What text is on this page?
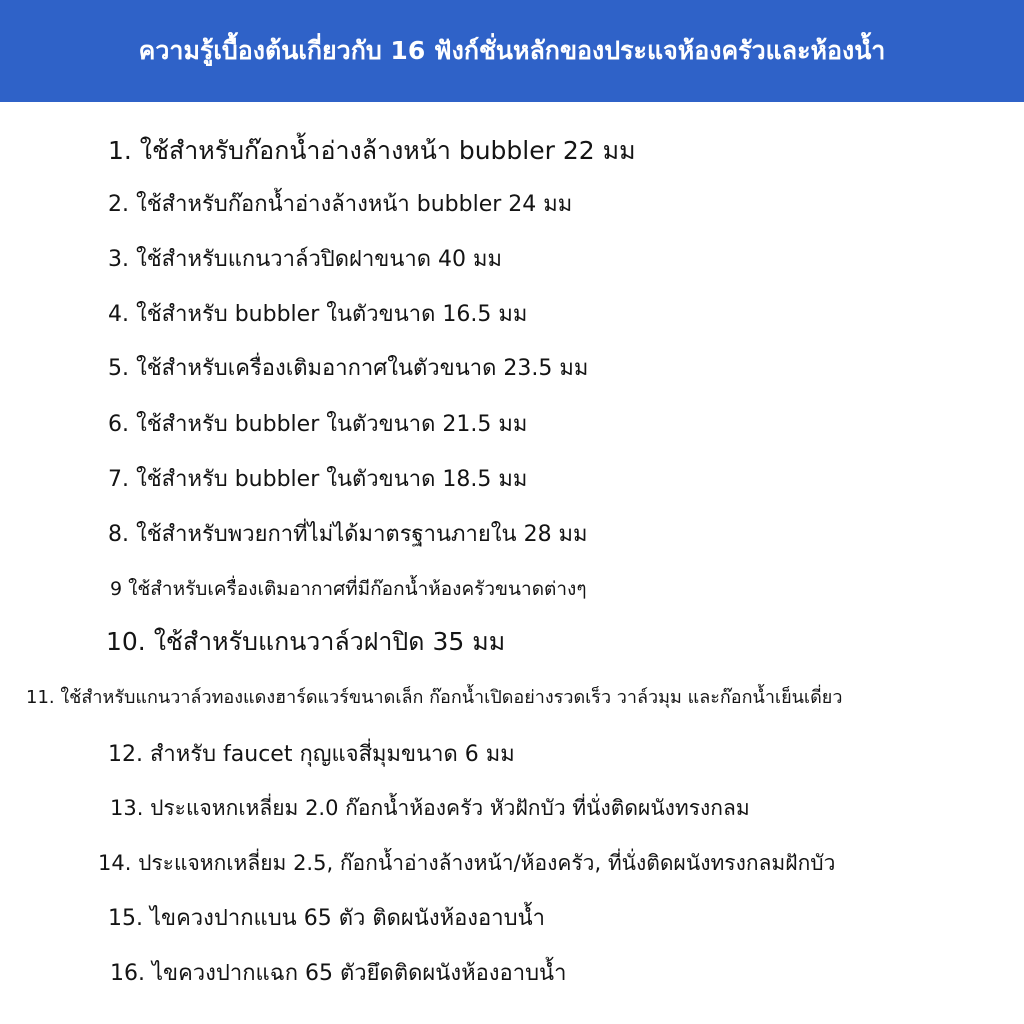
ความรู้เบื้องต้นเกี่ยวกับ 16 ฟังก์ชั่นหลักของประแจห้องครัวและห้องน้ำ
1. ใช้สำหรับก๊อกน้ำอ่างล้างหน้า bubbler 22 มม
2. ใช้สำหรับก๊อกน้ำอ่างล้างหน้า bubbler 24 มม
3. ใช้สำหรับแกนวาล์วปิดฝาขนาด 40 มม
4. ใช้สำหรับ bubbler ในตัวขนาด 16.5 มม
5. ใช้สำหรับเครื่องเติมอากาศในตัวขนาด 23.5 มม
6. ใช้สำหรับ bubbler ในตัวขนาด 21.5 มม
7. ใช้สำหรับ bubbler ในตัวขนาด 18.5 มม
8. ใช้สำหรับพวยกาที่ไม่ได้มาตรฐานภายใน 28 มม
9 ใช้สำหรับเครื่องเติมอากาศที่มีก๊อกน้ำห้องครัวขนาดต่างๆ
10. ใช้สำหรับแกนวาล์วฝาปิด 35 มม
11. ใช้สำหรับแกนวาล์วทองแดงฮาร์ดแวร์ขนาดเล็ก ก๊อกน้ำเปิดอย่างรวดเร็ว วาล์วมุม และก๊อกน้ำเย็นเดี่ยว
12. สำหรับ faucet กุญแจสี่มุมขนาด 6 มม
13. ประแจหกเหลี่ยม 2.0 ก๊อกน้ำห้องครัว หัวฝักบัว ที่นั่งติดผนังทรงกลม
14. ประแจหกเหลี่ยม 2.5, ก๊อกน้ำอ่างล้างหน้า/ห้องครัว, ที่นั่งติดผนังทรงกลมฝักบัว
15. ไขควงปากแบน 65 ตัว ติดผนังห้องอาบน้ำ
16. ไขควงปากแฉก 65 ตัวยึดติดผนังห้องอาบน้ำ
